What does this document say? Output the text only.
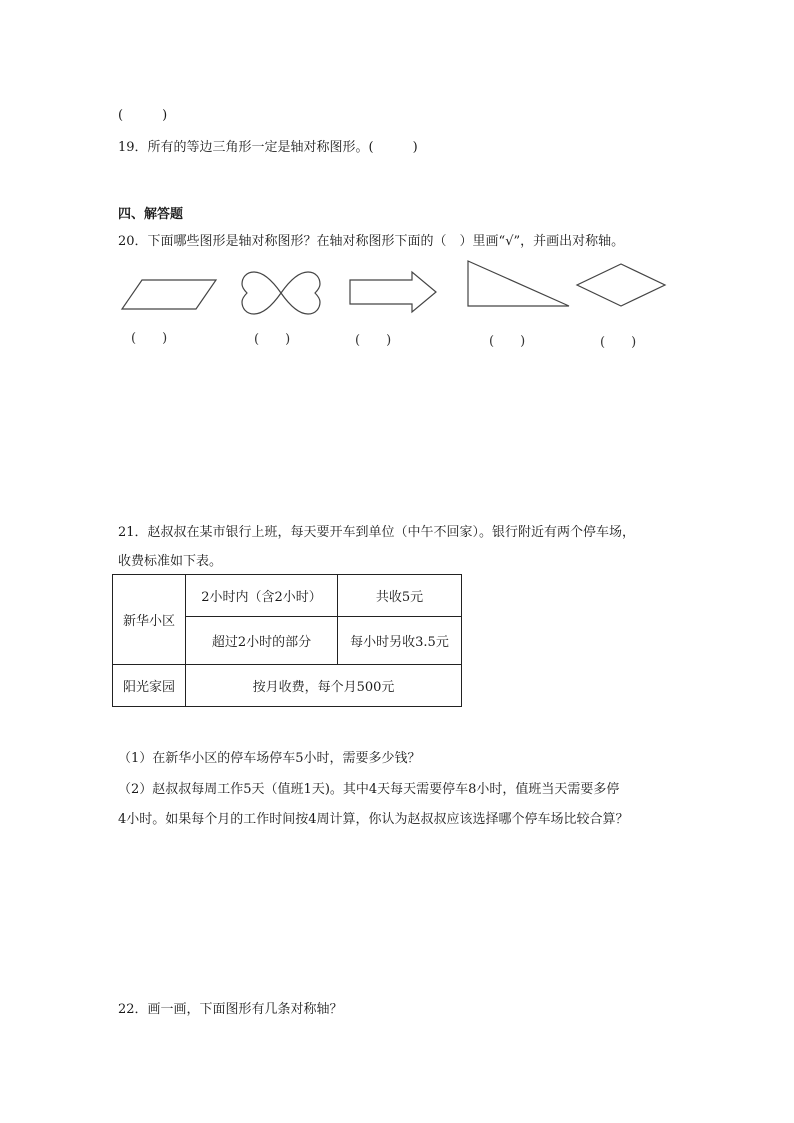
(　　　)
19．所有的等边三角形一定是轴对称图形。(　　　)
四、解答题
20．下面哪些图形是轴对称图形？在轴对称图形下面的（　）里画“√”，并画出对称轴。
(　　)	(　　)	(　　)	(　　)	(　　)
21．赵叔叔在某市银行上班，每天要开车到单位（中午不回家）。银行附近有两个停车场，
收费标准如下表。
新华小区	2小时内（含2小时）	共收5元
	超过2小时的部分	每小时另收3.5元
阳光家园	按月收费，每个月500元	
（1）在新华小区的停车场停车5小时，需要多少钱？
（2）赵叔叔每周工作5天（值班1天)。其中4天每天需要停车8小时，值班当天需要多停
4小时。如果每个月的工作时间按4周计算，你认为赵叔叔应该选择哪个停车场比较合算？
22．画一画，下面图形有几条对称轴？
